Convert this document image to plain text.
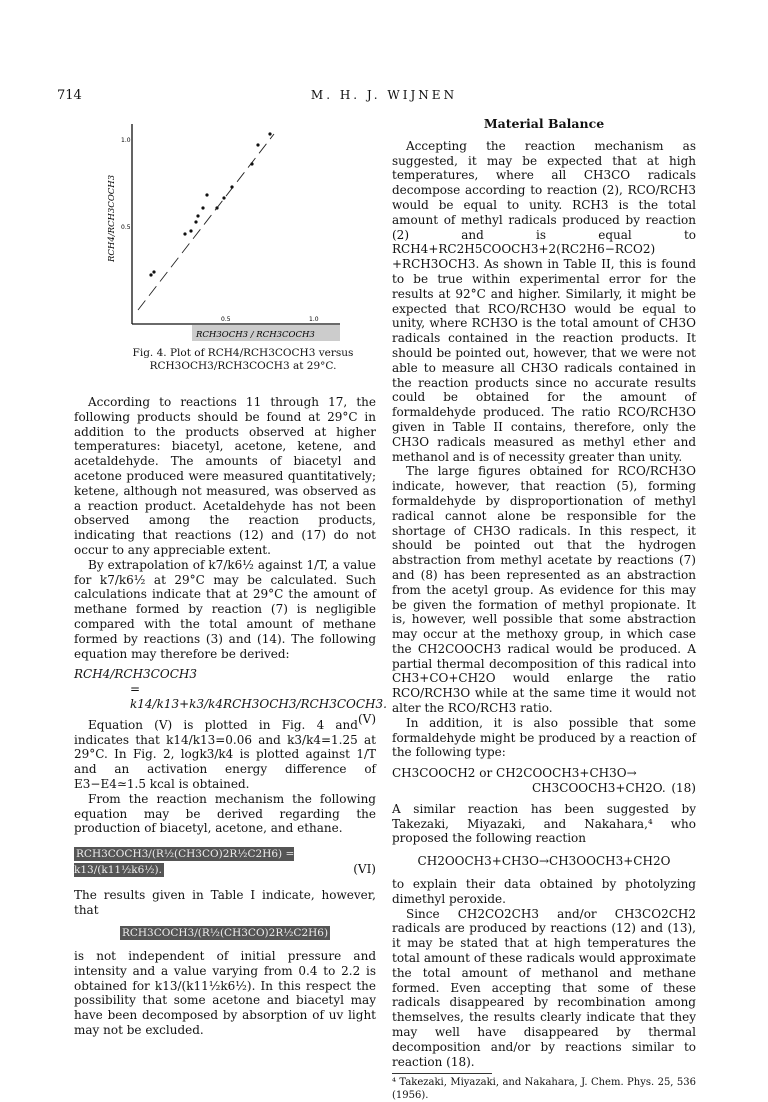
714	M. H. J. WIJNEN
1.0
0.5
0.5	1.0
RCH4/RCH3COCH3
RCH3OCH3 / RCH3COCH3
Fig. 4. Plot of RCH4/RCH3COCH3 versus
RCH3OCH3/RCH3COCH3 at 29°C.

According to reactions 11 through 17, the following products should be found at 29°C in addition to the products observed at higher temperatures: biacetyl, acetone, ketene, and acetaldehyde. The amounts of biacetyl and acetone produced were measured quantitatively; ketene, although not measured, was observed as a reaction product. Acetaldehyde has not been observed among the reaction products, indicating that reactions (12) and (17) do not occur to any appreciable extent.

By extrapolation of k7/k6½ against 1/T, a value for k7/k6½ at 29°C may be calculated. Such calculations indicate that at 29°C the amount of methane formed by reaction (7) is negligible compared with the total amount of methane formed by reactions (3) and (14). The following equation may therefore be derived:

RCH4/RCH3COCH3
= k14/k13+k3/k4RCH3OCH3/RCH3COCH3.
(V)

Equation (V) is plotted in Fig. 4 and indicates that k14/k13=0.06 and k3/k4=1.25 at 29°C. In Fig. 2, logk3/k4 is plotted against 1/T and an activation energy difference of E3−E4≃1.5 kcal is obtained.

From the reaction mechanism the following equation may be derived regarding the production of biacetyl, acetone, and ethane.

RCH3COCH3/(R½(CH3CO)2R½C2H6) = k13/(k11½k6½).	(VI)

The results given in Table I indicate, however, that

RCH3COCH3/(R½(CH3CO)2R½C2H6)

is not independent of initial pressure and intensity and a value varying from 0.4 to 2.2 is obtained for k13/(k11½k6½). In this respect the possibility that some acetone and biacetyl may have been decomposed by absorption of uv light may not be excluded.

Material Balance

Accepting the reaction mechanism as suggested, it may be expected that at high temperatures, where all CH3CO radicals decompose according to reaction (2), RCO/RCH3 would be equal to unity. RCH3 is the total amount of methyl radicals produced by reaction (2) and is equal to RCH4+RC2H5COOCH3+2(RC2H6−RCO2) +RCH3OCH3. As shown in Table II, this is found to be true within experimental error for the results at 92°C and higher. Similarly, it might be expected that RCO/RCH3O would be equal to unity, where RCH3O is the total amount of CH3O radicals contained in the reaction products. It should be pointed out, however, that we were not able to measure all CH3O radicals contained in the reaction products since no accurate results could be obtained for the amount of formaldehyde produced. The ratio RCO/RCH3O given in Table II contains, therefore, only the CH3O radicals measured as methyl ether and methanol and is of necessity greater than unity.

The large figures obtained for RCO/RCH3O indicate, however, that reaction (5), forming formaldehyde by disproportionation of methyl radical cannot alone be responsible for the shortage of CH3O radicals. In this respect, it should be pointed out that the hydrogen abstraction from methyl acetate by reactions (7) and (8) has been represented as an abstraction from the acetyl group. As evidence for this may be given the formation of methyl propionate. It is, however, well possible that some abstraction may occur at the methoxy group, in which case the CH2COOCH3 radical would be produced. A partial thermal decomposition of this radical into CH3+CO+CH2O would enlarge the ratio RCO/RCH3O while at the same time it would not alter the RCO/RCH3 ratio.

In addition, it is also possible that some formaldehyde might be produced by a reaction of the following type:

CH3COOCH2 or CH2COOCH3+CH3O→
CH3COOCH3+CH2O. (18)

A similar reaction has been suggested by Takezaki, Miyazaki, and Nakahara,⁴ who proposed the following reaction

CH2OOCH3+CH3O→CH3OOCH3+CH2O

to explain their data obtained by photolyzing dimethyl peroxide.

Since CH2CO2CH3 and/or CH3CO2CH2 radicals are produced by reactions (12) and (13), it may be stated that at high temperatures the total amount of these radicals would approximate the total amount of methanol and methane formed. Even accepting that some of these radicals disappeared by recombination among themselves, the results clearly indicate that they may well have disappeared by thermal decomposition and/or by reactions similar to reaction (18).

⁴ Takezaki, Miyazaki, and Nakahara, J. Chem. Phys. 25, 536 (1956).
